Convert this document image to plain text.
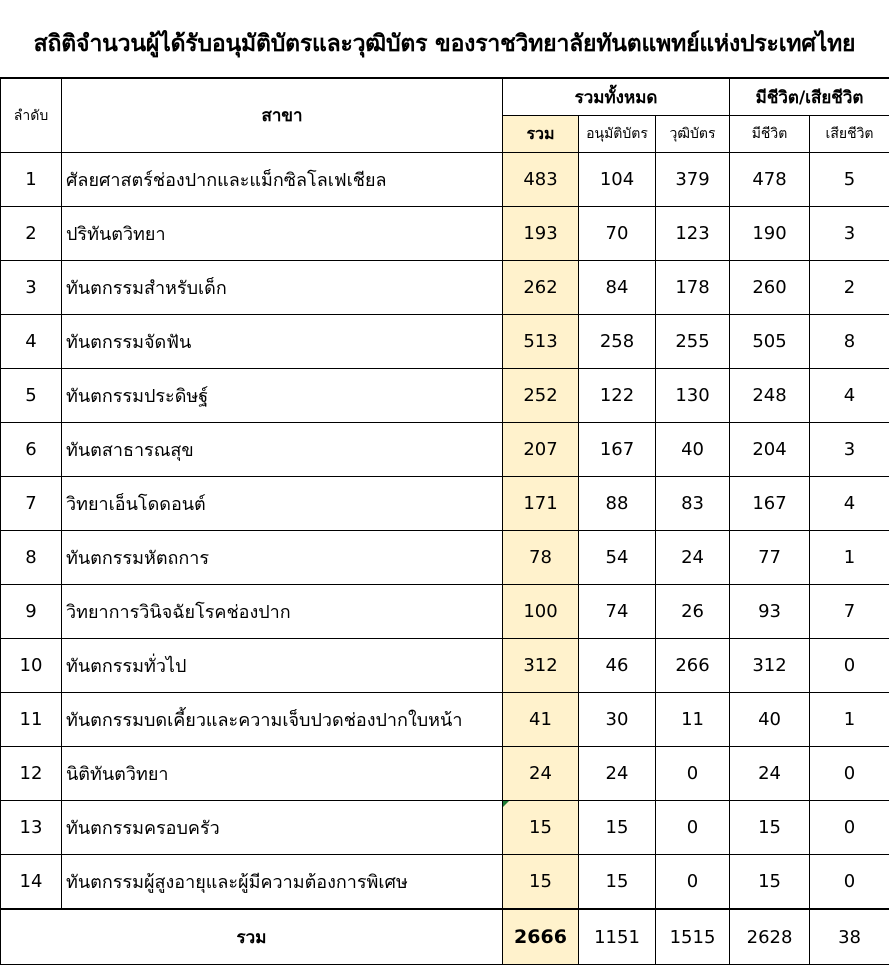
สถิติจำนวนผู้ได้รับอนุมัติบัตรและวุฒิบัตร ของราชวิทยาลัยทันตแพทย์แห่งประเทศไทย
ลำดับ	สาขา	รวมทั้งหมด			มีชีวิต/เสียชีวิต	
		รวม	อนุมัติบัตร	วุฒิบัตร	มีชีวิต	เสียชีวิต
1	ศัลยศาสตร์ช่องปากและแม็กซิลโลเฟเชียล	483	104	379	478	5
2	ปริทันตวิทยา	193	70	123	190	3
3	ทันตกรรมสำหรับเด็ก	262	84	178	260	2
4	ทันตกรรมจัดฟัน	513	258	255	505	8
5	ทันตกรรมประดิษฐ์	252	122	130	248	4
6	ทันตสาธารณสุข	207	167	40	204	3
7	วิทยาเอ็นโดดอนต์	171	88	83	167	4
8	ทันตกรรมหัตถการ	78	54	24	77	1
9	วิทยาการวินิจฉัยโรคช่องปาก	100	74	26	93	7
10	ทันตกรรมทั่วไป	312	46	266	312	0
11	ทันตกรรมบดเคี้ยวและความเจ็บปวดช่องปากใบหน้า	41	30	11	40	1
12	นิติทันตวิทยา	24	24	0	24	0
13	ทันตกรรมครอบครัว	15	15	0	15	0
14	ทันตกรรมผู้สูงอายุและผู้มีความต้องการพิเศษ	15	15	0	15	0
รวม		2666	1151	1515	2628	38
